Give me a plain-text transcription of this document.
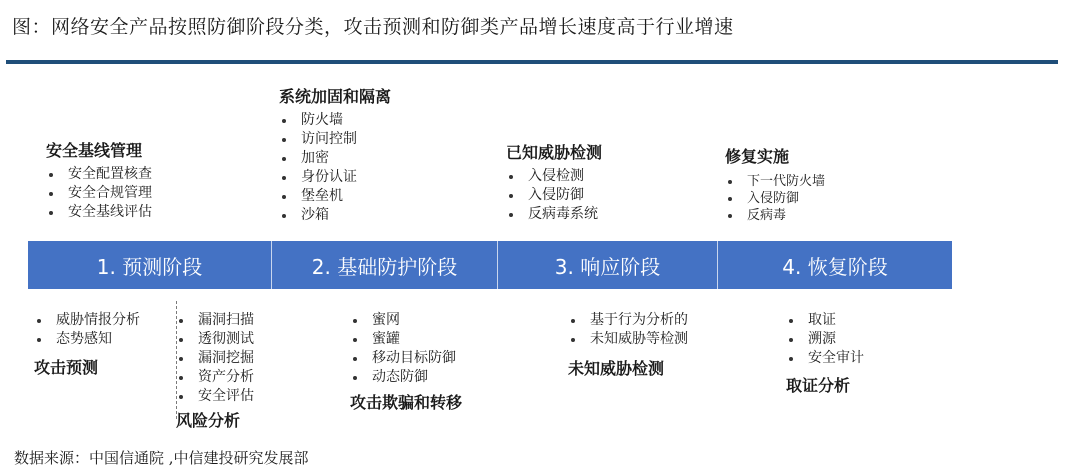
图：网络安全产品按照防御阶段分类，攻击预测和防御类产品增长速度高于行业增速
安全基线管理
安全配置核查
安全合规管理
安全基线评估
系统加固和隔离
防火墙
访问控制
加密
身份认证
堡垒机
沙箱
已知威胁检测
入侵检测
入侵防御
反病毒系统
修复实施
下一代防火墙
入侵防御
反病毒
1. 预测阶段	2. 基础防护阶段	3. 响应阶段	4. 恢复阶段
威胁情报分析
态势感知
攻击预测
漏洞扫描
透彻测试
漏洞挖掘
资产分析
安全评估
风险分析
蜜网
蜜罐
移动目标防御
动态防御
攻击欺骗和转移
基于行为分析的
未知威胁等检测
未知威胁检测
取证
溯源
安全审计
取证分析
数据来源：中国信通院 ,中信建投研究发展部
